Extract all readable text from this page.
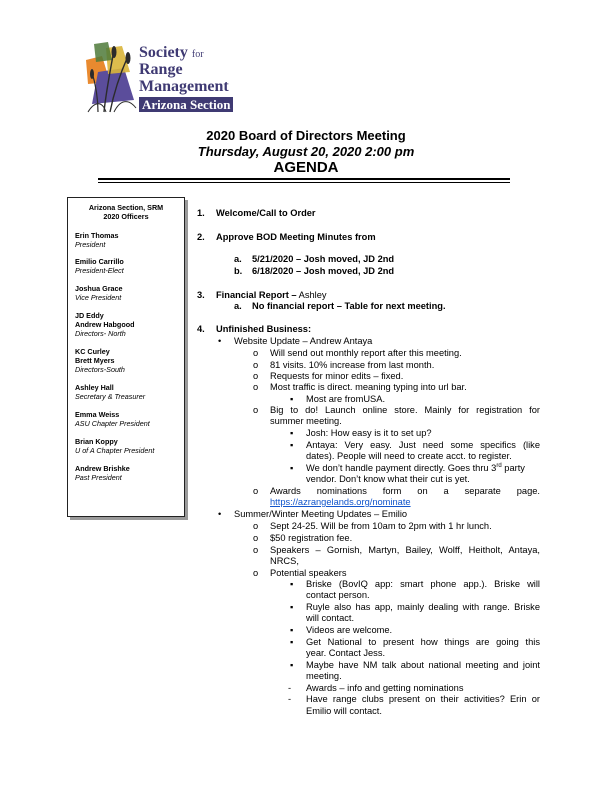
Society for
Range
Management
Arizona Section
2020 Board of Directors Meeting
Thursday, August 20, 2020 2:00 pm
AGENDA
Arizona Section, SRM
2020 Officers
Erin Thomas
President
Emilio Carrillo
President-Elect
Joshua Grace
Vice President
JD Eddy
Andrew Habgood
Directors- North
KC Curley
Brett Myers
Directors-South
Ashley Hall
Secretary & Treasurer
Emma Weiss
ASU Chapter President
Brian Koppy
U of A Chapter President
Andrew Brishke
Past President
1. Welcome/Call to Order
2. Approve BOD Meeting Minutes from
a. 5/21/2020 – Josh moved, JD 2nd
b. 6/18/2020 – Josh moved, JD 2nd
3. Financial Report – Ashley
a. No financial report – Table for next meeting.
4. Unfinished Business:
• Website Update – Andrew Antaya
o Will send out monthly report after this meeting.
o 81 visits. 10% increase from last month.
o Requests for minor edits – fixed.
o Most traffic is direct. meaning typing into url bar.
▪ Most are fromUSA.
o Big to do! Launch online store. Mainly for registration for
summer meeting.
▪ Josh: How easy is it to set up?
▪ Antaya: Very easy. Just need some specifics (like
dates). People will need to create acct. to register.
▪ We don’t handle payment directly. Goes thru 3rd party
vendor. Don’t know what their cut is yet.
o Awards nominations form on a separate page.
https://azrangelands.org/nominate
• Summer/Winter Meeting Updates – Emilio
o Sept 24-25. Will be from 10am to 2pm with 1 hr lunch.
o $50 registration fee.
o Speakers – Gornish, Martyn, Bailey, Wolff, Heitholt, Antaya,
NRCS,
o Potential speakers
▪ Briske (BovIQ app: smart phone app.). Briske will
contact person.
▪ Ruyle also has app, mainly dealing with range. Briske
will contact.
▪ Videos are welcome.
▪ Get National to present how things are going this
year. Contact Jess.
▪ Maybe have NM talk about national meeting and joint
meeting.
- Awards – info and getting nominations
- Have range clubs present on their activities? Erin or
Emilio will contact.
